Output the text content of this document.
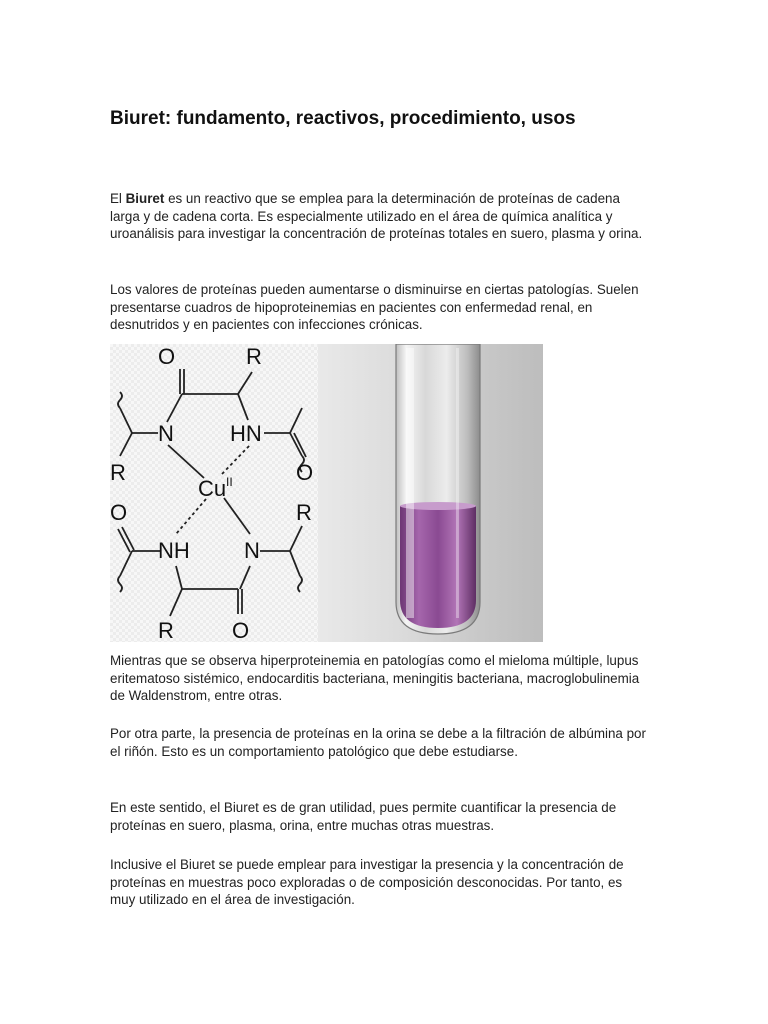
Biuret: fundamento, reactivos, procedimiento, usos

El Biuret es un reactivo que se emplea para la determinación de proteínas de cadena larga y de cadena corta. Es especialmente utilizado en el área de química analítica y uroanálisis para investigar la concentración de proteínas totales en suero, plasma y orina.

Los valores de proteínas pueden aumentarse o disminuirse en ciertas patologías. Suelen presentarse cuadros de hipoproteinemias en pacientes con enfermedad renal, en desnutridos y en pacientes con infecciones crónicas.

O	R
N	HN
R	O
Cu II
O	R
NH N
R	O

Mientras que se observa hiperproteinemia en patologías como el mieloma múltiple, lupus eritematoso sistémico, endocarditis bacteriana, meningitis bacteriana, macroglobulinemia de Waldenstrom, entre otras.

Por otra parte, la presencia de proteínas en la orina se debe a la filtración de albúmina por el riñón. Esto es un comportamiento patológico que debe estudiarse.

En este sentido, el Biuret es de gran utilidad, pues permite cuantificar la presencia de proteínas en suero, plasma, orina, entre muchas otras muestras.

Inclusive el Biuret se puede emplear para investigar la presencia y la concentración de proteínas en muestras poco exploradas o de composición desconocidas. Por tanto, es muy utilizado en el área de investigación.
